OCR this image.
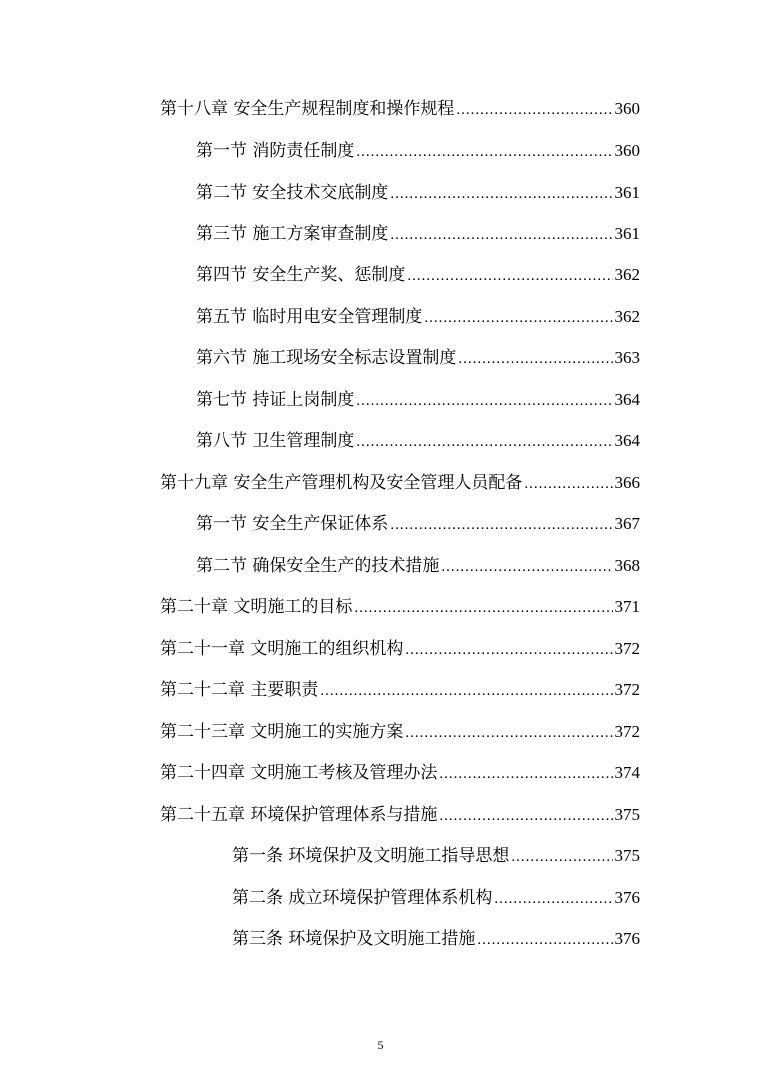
第十八章 安全生产规程制度和操作规程 .....	360
第一节 消防责任制度 .....	360
第二节 安全技术交底制度 .....	361
第三节 施工方案审查制度 .....	361
第四节 安全生产奖、惩制度 .....	362
第五节 临时用电安全管理制度 .....	362
第六节 施工现场安全标志设置制度 .....	363
第七节 持证上岗制度 .....	364
第八节 卫生管理制度 .....	364
第十九章 安全生产管理机构及安全管理人员配备 .....	366
第一节 安全生产保证体系 .....	367
第二节 确保安全生产的技术措施 .....	368
第二十章 文明施工的目标 .....	371
第二十一章 文明施工的组织机构 .....	372
第二十二章 主要职责 .....	372
第二十三章 文明施工的实施方案 .....	372
第二十四章 文明施工考核及管理办法 .....	374
第二十五章 环境保护管理体系与措施 .....	375
第一条 环境保护及文明施工指导思想 .....	375
第二条 成立环境保护管理体系机构 .....	376
第三条 环境保护及文明施工措施 .....	376
5
